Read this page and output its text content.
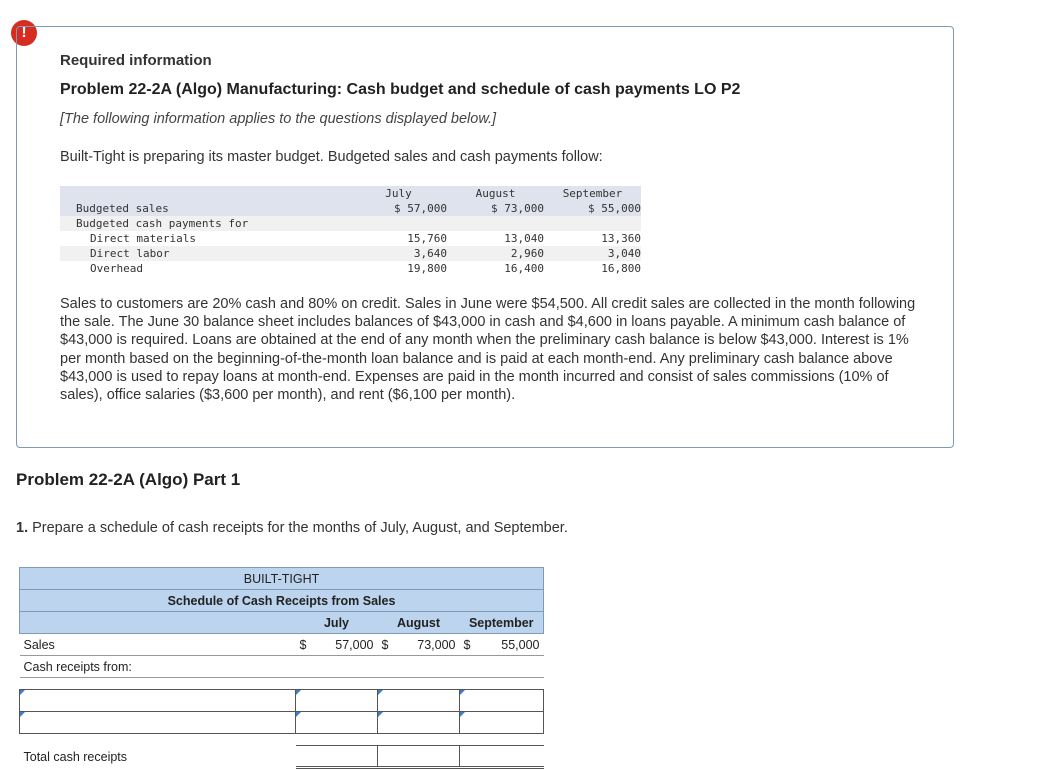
!
Required information
Problem 22-2A (Algo) Manufacturing: Cash budget and schedule of cash payments LO P2
[The following information applies to the questions displayed below.]
Built-Tight is preparing its master budget. Budgeted sales and cash payments follow:
	July	August	September
Budgeted sales	$ 57,000	$ 73,000	$ 55,000
Budgeted cash payments for			
Direct materials	15,760	13,040	13,360
Direct labor	3,640	2,960	3,040
Overhead	19,800	16,400	16,800
Sales to customers are 20% cash and 80% on credit. Sales in June were $54,500. All credit sales are collected in the month following the sale. The June 30 balance sheet includes balances of $43,000 in cash and $4,600 in loans payable. A minimum cash balance of $43,000 is required. Loans are obtained at the end of any month when the preliminary cash balance is below $43,000. Interest is 1% per month based on the beginning-of-the-month loan balance and is paid at each month-end. Any preliminary cash balance above $43,000 is used to repay loans at month-end. Expenses are paid in the month incurred and consist of sales commissions (10% of sales), office salaries ($3,600 per month), and rent ($6,100 per month).
Problem 22-2A (Algo) Part 1
1. Prepare a schedule of cash receipts for the months of July, August, and September.
BUILT-TIGHT			
Schedule of Cash Receipts from Sales			
	July	August	September
Sales	$ 57,000	$ 73,000	$ 55,000

Cash receipts from:			

Total cash receipts			
